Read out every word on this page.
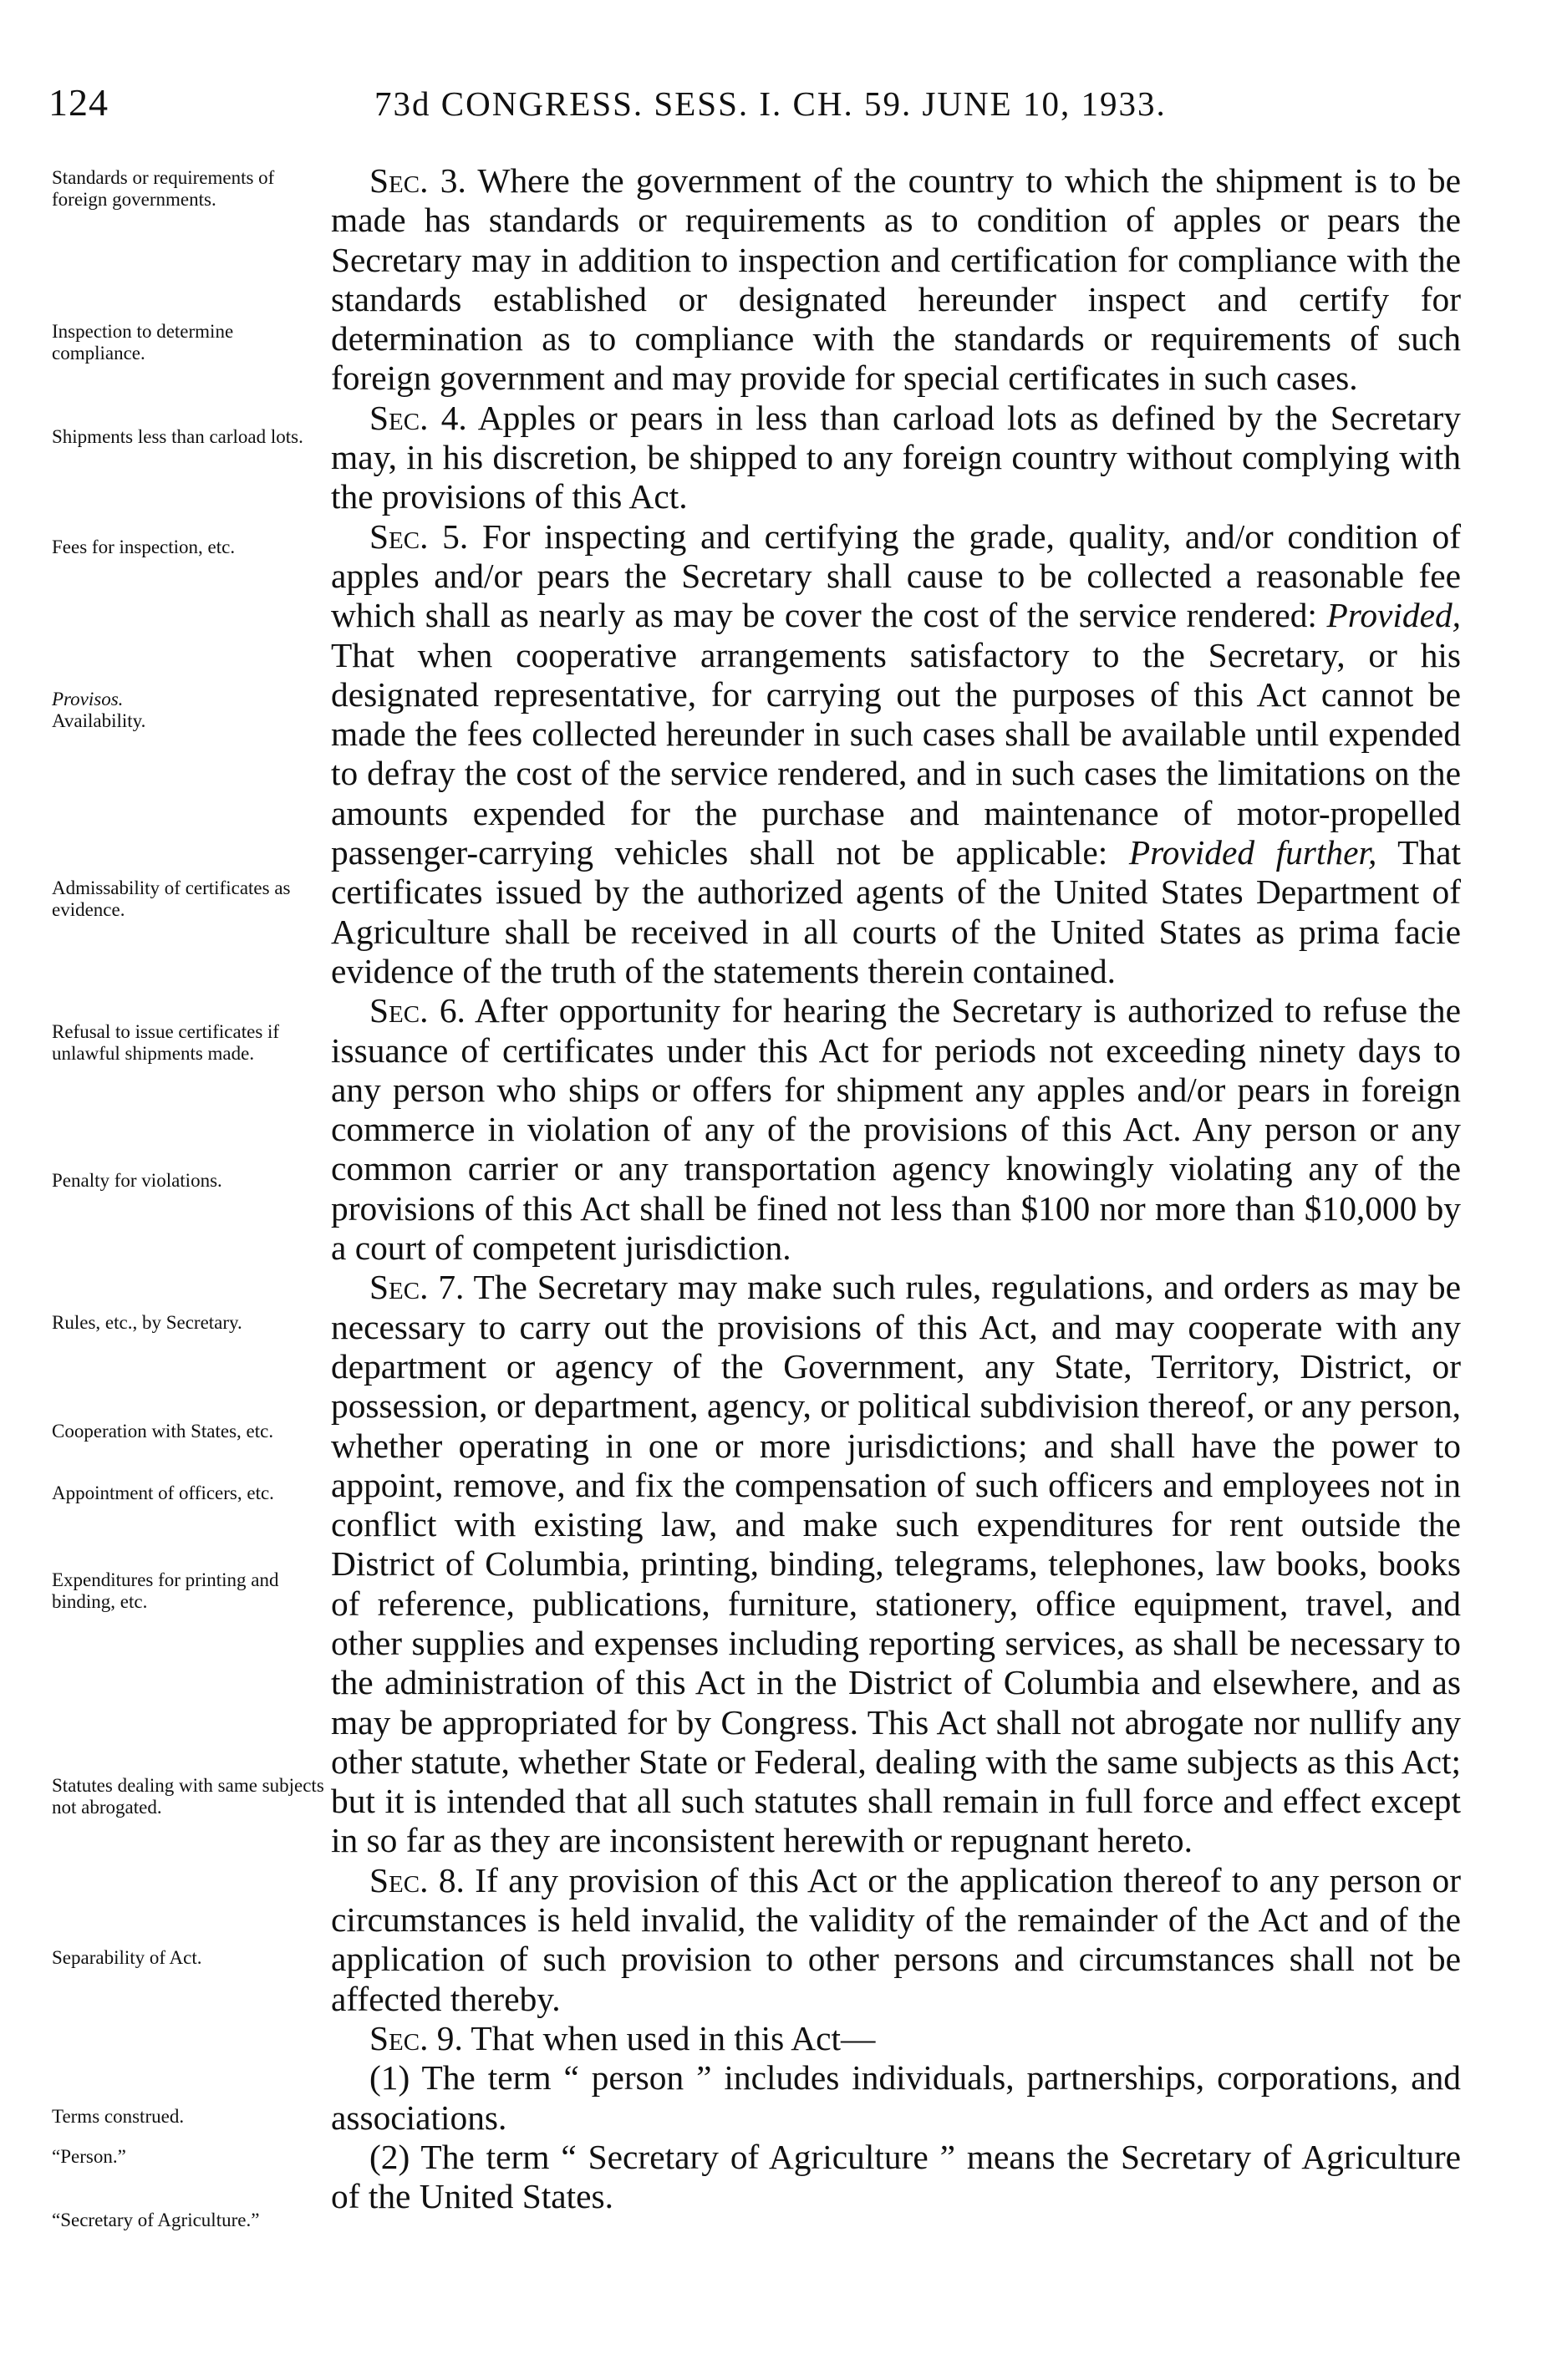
124	73d CONGRESS. SESS. I. CH. 59. JUNE 10, 1933.
Standards or requirements of foreign governments.
Inspection to determine compliance.
Shipments less than carload lots.
Fees for inspection, etc.
Provisos.
Availability.
Admissability of certificates as evidence.
Refusal to issue certificates if unlawful shipments made.
Penalty for violations.
Rules, etc., by Secretary.
Cooperation with States, etc.
Appointment of officers, etc.
Expenditures for printing and binding, etc.
Statutes dealing with same subjects not abrogated.
Separability of Act.
Terms construed.
“Person.”
“Secretary of Agriculture.”

Sec. 3. Where the government of the country to which the shipment is to be made has standards or requirements as to condition of apples or pears the Secretary may in addition to inspection and certification for compliance with the standards established or designated hereunder inspect and certify for determination as to compliance with the standards or requirements of such foreign government and may provide for special certificates in such cases.

Sec. 4. Apples or pears in less than carload lots as defined by the Secretary may, in his discretion, be shipped to any foreign country without complying with the provisions of this Act.

Sec. 5. For inspecting and certifying the grade, quality, and/or condition of apples and/or pears the Secretary shall cause to be collected a reasonable fee which shall as nearly as may be cover the cost of the service rendered: Provided, That when cooperative arrangements satisfactory to the Secretary, or his designated representative, for carrying out the purposes of this Act cannot be made the fees collected hereunder in such cases shall be available until expended to defray the cost of the service rendered, and in such cases the limitations on the amounts expended for the purchase and maintenance of motor-propelled passenger-carrying vehicles shall not be applicable: Provided further, That certificates issued by the authorized agents of the United States Department of Agriculture shall be received in all courts of the United States as prima facie evidence of the truth of the statements therein contained.

Sec. 6. After opportunity for hearing the Secretary is authorized to refuse the issuance of certificates under this Act for periods not exceeding ninety days to any person who ships or offers for shipment any apples and/or pears in foreign commerce in violation of any of the provisions of this Act. Any person or any common carrier or any transportation agency knowingly violating any of the provisions of this Act shall be fined not less than $100 nor more than $10,000 by a court of competent jurisdiction.

Sec. 7. The Secretary may make such rules, regulations, and orders as may be necessary to carry out the provisions of this Act, and may cooperate with any department or agency of the Government, any State, Territory, District, or possession, or department, agency, or political subdivision thereof, or any person, whether operating in one or more jurisdictions; and shall have the power to appoint, remove, and fix the compensation of such officers and employees not in conflict with existing law, and make such expenditures for rent outside the District of Columbia, printing, binding, telegrams, telephones, law books, books of reference, publications, furniture, stationery, office equipment, travel, and other supplies and expenses including reporting services, as shall be necessary to the administration of this Act in the District of Columbia and elsewhere, and as may be appropriated for by Congress. This Act shall not abrogate nor nullify any other statute, whether State or Federal, dealing with the same subjects as this Act; but it is intended that all such statutes shall remain in full force and effect except in so far as they are inconsistent herewith or repugnant hereto.

Sec. 8. If any provision of this Act or the application thereof to any person or circumstances is held invalid, the validity of the remainder of the Act and of the application of such provision to other persons and circumstances shall not be affected thereby.

Sec. 9. That when used in this Act—

(1) The term “ person ” includes individuals, partnerships, corporations, and associations.

(2) The term “ Secretary of Agriculture ” means the Secretary of Agriculture of the United States.
